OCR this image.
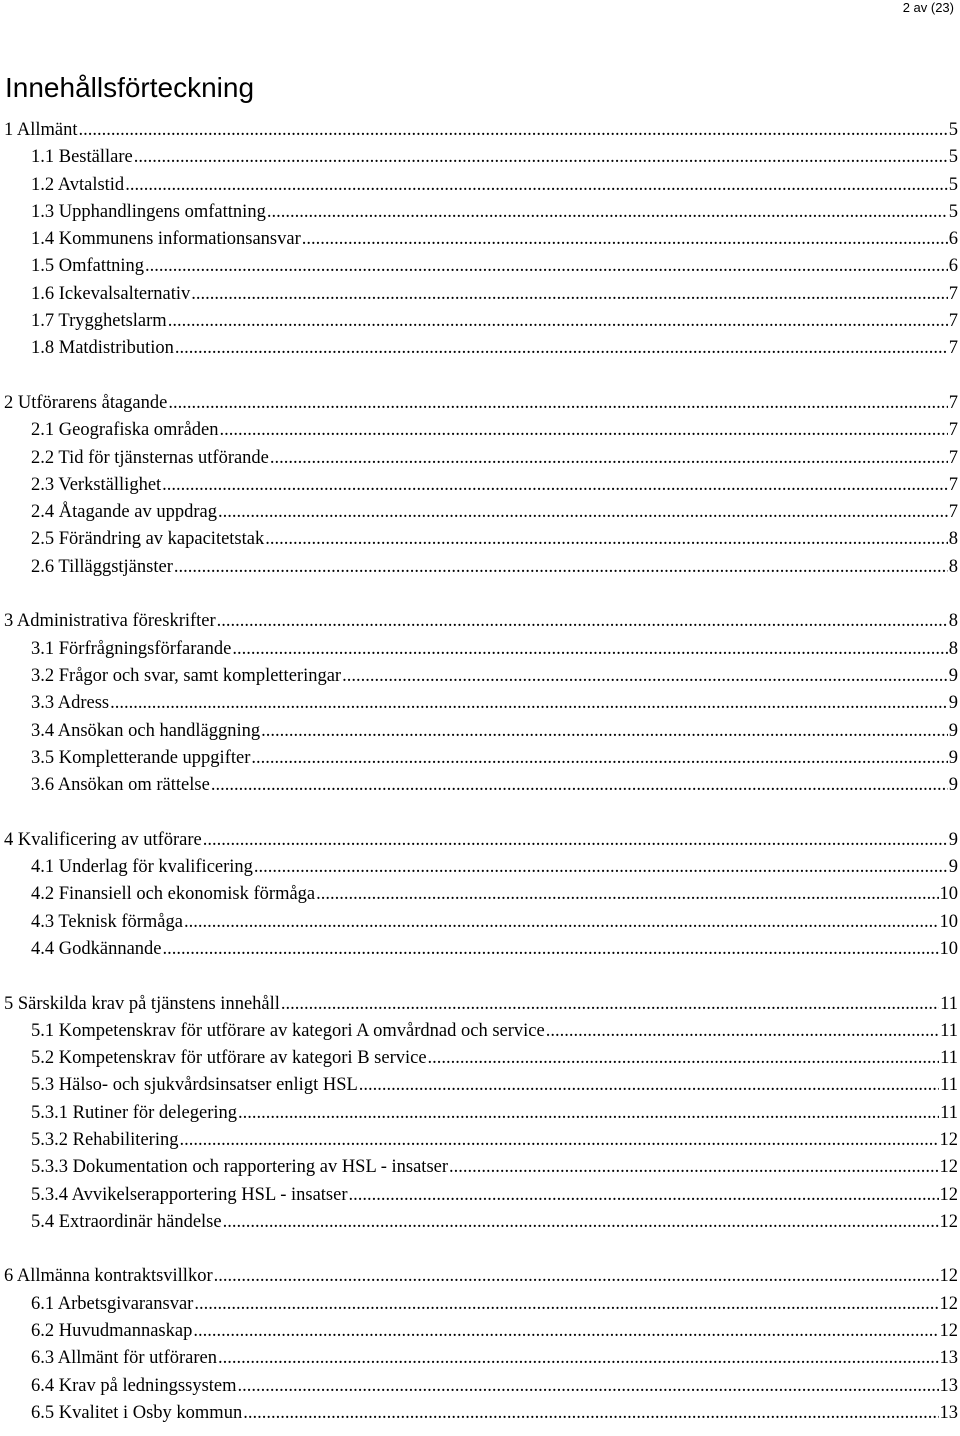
2 av (23)
Innehållsförteckning
1 Allmänt .....	5
1.1 Beställare .....	5
1.2 Avtalstid .....	5
1.3 Upphandlingens omfattning .....	5
1.4 Kommunens informationsansvar .....	6
1.5 Omfattning .....	6
1.6 Ickevalsalternativ .....	7
1.7 Trygghetslarm .....	7
1.8 Matdistribution .....	7
2 Utförarens åtagande .....	7
2.1 Geografiska områden .....	7
2.2 Tid för tjänsternas utförande .....	7
2.3 Verkställighet .....	7
2.4 Åtagande av uppdrag .....	7
2.5 Förändring av kapacitetstak .....	8
2.6 Tilläggstjänster .....	8
3 Administrativa föreskrifter .....	8
3.1 Förfrågningsförfarande .....	8
3.2 Frågor och svar, samt kompletteringar .....	9
3.3 Adress .....	9
3.4 Ansökan och handläggning .....	9
3.5 Kompletterande uppgifter .....	9
3.6 Ansökan om rättelse .....	9
4 Kvalificering av utförare .....	9
4.1 Underlag för kvalificering .....	9
4.2 Finansiell och ekonomisk förmåga .....	10
4.3 Teknisk förmåga .....	10
4.4 Godkännande .....	10
5 Särskilda krav på tjänstens innehåll .....	11
5.1 Kompetenskrav för utförare av kategori A omvårdnad och service .....	11
5.2 Kompetenskrav för utförare av kategori B service .....	11
5.3 Hälso- och sjukvårdsinsatser enligt HSL .....	11
5.3.1 Rutiner för delegering .....	11
5.3.2 Rehabilitering .....	12
5.3.3 Dokumentation och rapportering av HSL - insatser .....	12
5.3.4 Avvikelserapportering HSL - insatser .....	12
5.4 Extraordinär händelse .....	12
6 Allmänna kontraktsvillkor .....	12
6.1 Arbetsgivaransvar .....	12
6.2 Huvudmannaskap .....	12
6.3 Allmänt för utföraren .....	13
6.4 Krav på ledningssystem .....	13
6.5 Kvalitet i Osby kommun .....	13
